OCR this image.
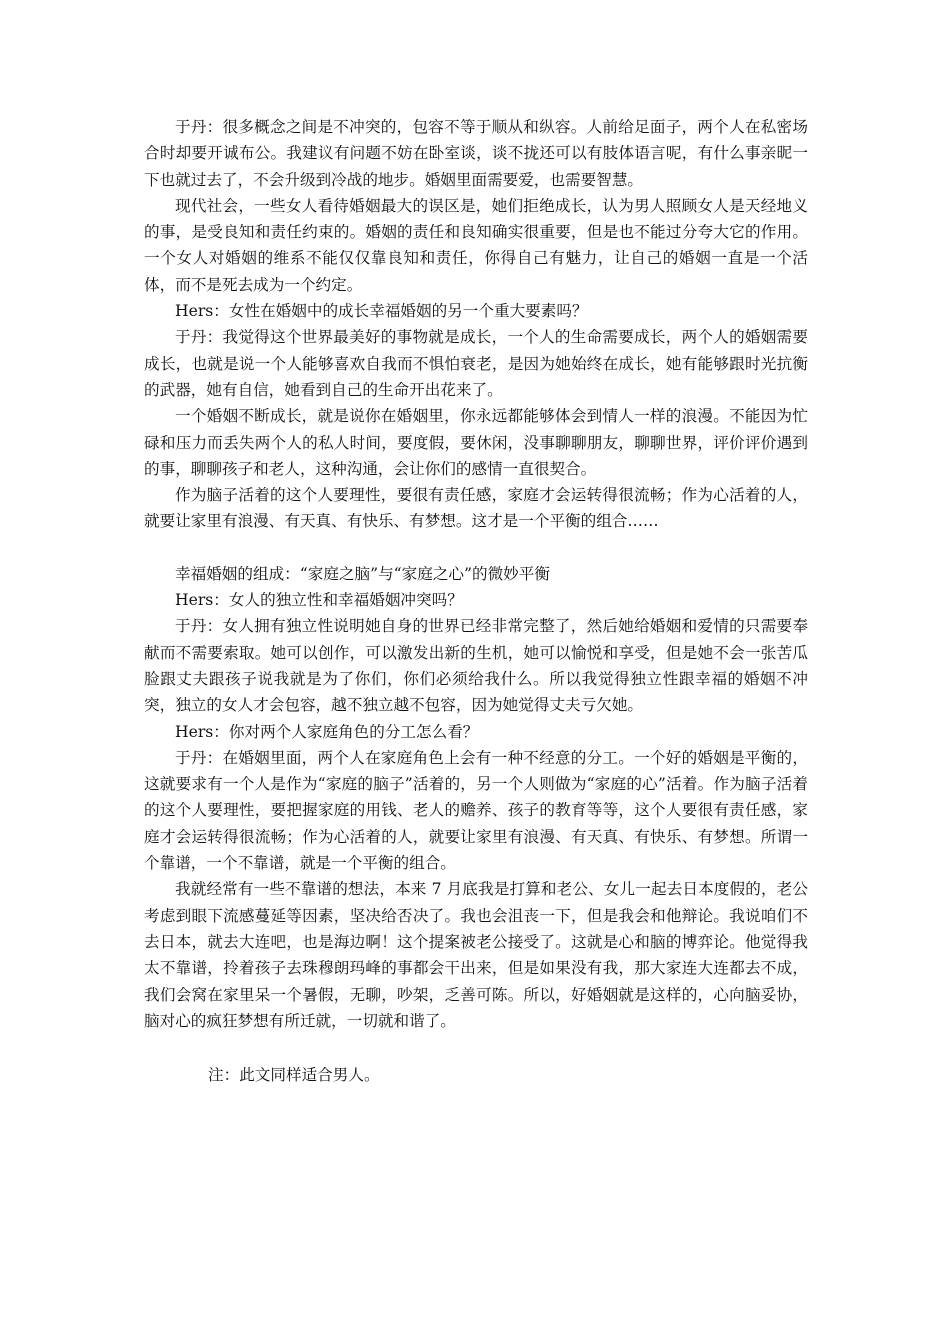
于丹：很多概念之间是不冲突的，包容不等于顺从和纵容。人前给足面子，两个人在私密场合时却要开诚布公。我建议有问题不妨在卧室谈，谈不拢还可以有肢体语言呢，有什么事亲昵一下也就过去了，不会升级到冷战的地步。婚姻里面需要爱，也需要智慧。

现代社会，一些女人看待婚姻最大的误区是，她们拒绝成长，认为男人照顾女人是天经地义的事，是受良知和责任约束的。婚姻的责任和良知确实很重要，但是也不能过分夸大它的作用。一个女人对婚姻的维系不能仅仅靠良知和责任，你得自己有魅力，让自己的婚姻一直是一个活体，而不是死去成为一个约定。

Hers：女性在婚姻中的成长幸福婚姻的另一个重大要素吗？

于丹：我觉得这个世界最美好的事物就是成长，一个人的生命需要成长，两个人的婚姻需要成长，也就是说一个人能够喜欢自我而不惧怕衰老，是因为她始终在成长，她有能够跟时光抗衡的武器，她有自信，她看到自己的生命开出花来了。

一个婚姻不断成长，就是说你在婚姻里，你永远都能够体会到情人一样的浪漫。不能因为忙碌和压力而丢失两个人的私人时间，要度假，要休闲，没事聊聊朋友，聊聊世界，评价评价遇到的事，聊聊孩子和老人，这种沟通，会让你们的感情一直很契合。

作为脑子活着的这个人要理性，要很有责任感，家庭才会运转得很流畅；作为心活着的人，就要让家里有浪漫、有天真、有快乐、有梦想。这才是一个平衡的组合……

幸福婚姻的组成：“家庭之脑”与“家庭之心”的微妙平衡

Hers：女人的独立性和幸福婚姻冲突吗？

于丹：女人拥有独立性说明她自身的世界已经非常完整了，然后她给婚姻和爱情的只需要奉献而不需要索取。她可以创作，可以激发出新的生机，她可以愉悦和享受，但是她不会一张苦瓜脸跟丈夫跟孩子说我就是为了你们，你们必须给我什么。所以我觉得独立性跟幸福的婚姻不冲突，独立的女人才会包容，越不独立越不包容，因为她觉得丈夫亏欠她。

Hers：你对两个人家庭角色的分工怎么看？

于丹：在婚姻里面，两个人在家庭角色上会有一种不经意的分工。一个好的婚姻是平衡的，这就要求有一个人是作为“家庭的脑子”活着的，另一个人则做为“家庭的心”活着。作为脑子活着的这个人要理性，要把握家庭的用钱、老人的赡养、孩子的教育等等，这个人要很有责任感，家庭才会运转得很流畅；作为心活着的人，就要让家里有浪漫、有天真、有快乐、有梦想。所谓一个靠谱，一个不靠谱，就是一个平衡的组合。

我就经常有一些不靠谱的想法，本来 7 月底我是打算和老公、女儿一起去日本度假的，老公考虑到眼下流感蔓延等因素，坚决给否决了。我也会沮丧一下，但是我会和他辩论。我说咱们不去日本，就去大连吧，也是海边啊！这个提案被老公接受了。这就是心和脑的博弈论。他觉得我太不靠谱，拎着孩子去珠穆朗玛峰的事都会干出来，但是如果没有我，那大家连大连都去不成，我们会窝在家里呆一个暑假，无聊，吵架，乏善可陈。所以，好婚姻就是这样的，心向脑妥协，脑对心的疯狂梦想有所迁就，一切就和谐了。

注：此文同样适合男人。
